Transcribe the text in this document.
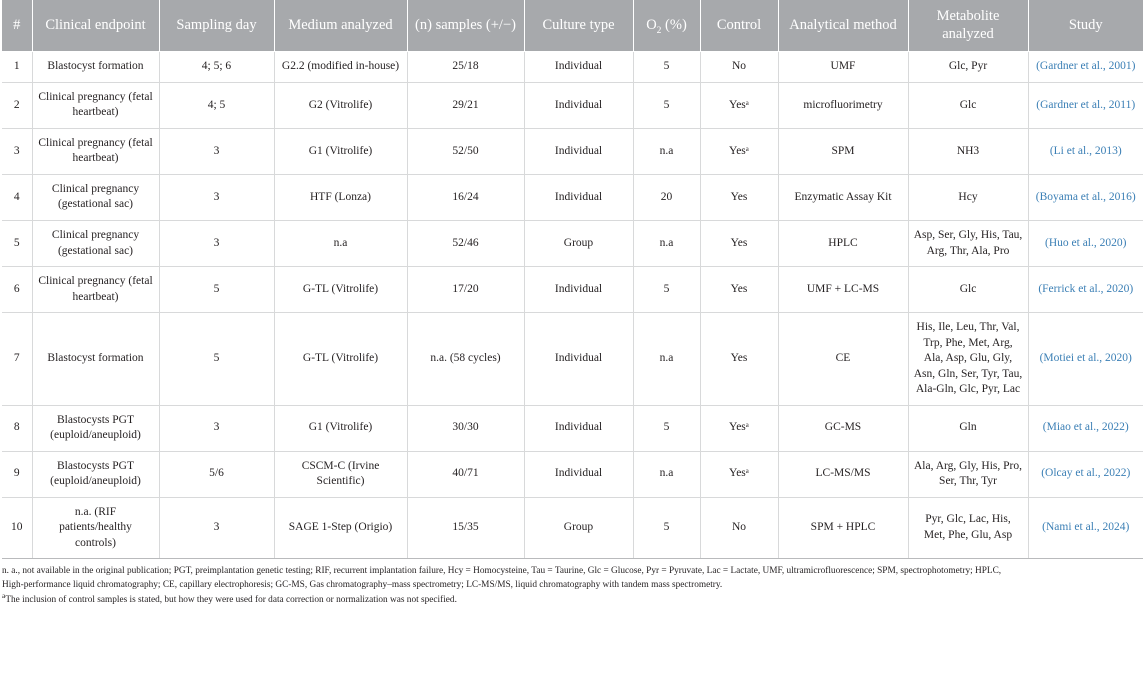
#	Clinical endpoint	Sampling day	Medium analyzed	(n) samples (+/−)	Culture type	$O_2$ (%)	Control	Analytical method	Metabolite analyzed	Study
1	Blastocyst formation	4; 5; 6	G2.2 (modified in-house)	25/18	Individual	5	No	UMF	Glc, Pyr	(Gardner et al., 2001)
2	Clinical pregnancy (fetal heartbeat)	4; 5	G2 (Vitrolife)	29/21	Individual	5	Yesᵃ	microfluorimetry	Glc	(Gardner et al., 2011)
3	Clinical pregnancy (fetal heartbeat)	3	G1 (Vitrolife)	52/50	Individual	n.a	Yesᵃ	SPM	NH3	(Li et al., 2013)
4	Clinical pregnancy (gestational sac)	3	HTF (Lonza)	16/24	Individual	20	Yes	Enzymatic Assay Kit	Hcy	(Boyama et al., 2016)
5	Clinical pregnancy (gestational sac)	3	n.a	52/46	Group	n.a	Yes	HPLC	Asp, Ser, Gly, His, Tau, Arg, Thr, Ala, Pro	(Huo et al., 2020)
6	Clinical pregnancy (fetal heartbeat)	5	G-TL (Vitrolife)	17/20	Individual	5	Yes	UMF + LC-MS	Glc	(Ferrick et al., 2020)
7	Blastocyst formation	5	G-TL (Vitrolife)	n.a. (58 cycles)	Individual	n.a	Yes	CE	His, Ile, Leu, Thr, Val, Trp, Phe, Met, Arg, Ala, Asp, Glu, Gly, Asn, Gln, Ser, Tyr, Tau, Ala-Gln, Glc, Pyr, Lac	(Motiei et al., 2020)
8	Blastocysts PGT (euploid/aneuploid)	3	G1 (Vitrolife)	30/30	Individual	5	Yesᵃ	GC-MS	Gln	(Miao et al., 2022)
9	Blastocysts PGT (euploid/aneuploid)	5/6	CSCM-C (Irvine Scientific)	40/71	Individual	n.a	Yesᵃ	LC-MS/MS	Ala, Arg, Gly, His, Pro, Ser, Thr, Tyr	(Olcay et al., 2022)
10	n.a. (RIF patients/healthy controls)	3	SAGE 1-Step (Origio)	15/35	Group	5	No	SPM + HPLC	Pyr, Glc, Lac, His, Met, Phe, Glu, Asp	(Nami et al., 2024)
n. a., not available in the original publication; PGT, preimplantation genetic testing; RIF, recurrent implantation failure, Hcy = Homocysteine, Tau = Taurine, Glc = Glucose, Pyr = Pyruvate, Lac = Lactate, UMF, ultramicrofluorescence; SPM, spectrophotometry; HPLC,
High-performance liquid chromatography; CE, capillary electrophoresis; GC-MS, Gas chromatography–mass spectrometry; LC-MS/MS, liquid chromatography with tandem mass spectrometry.
$^a$The inclusion of control samples is stated, but how they were used for data correction or normalization was not specified.
